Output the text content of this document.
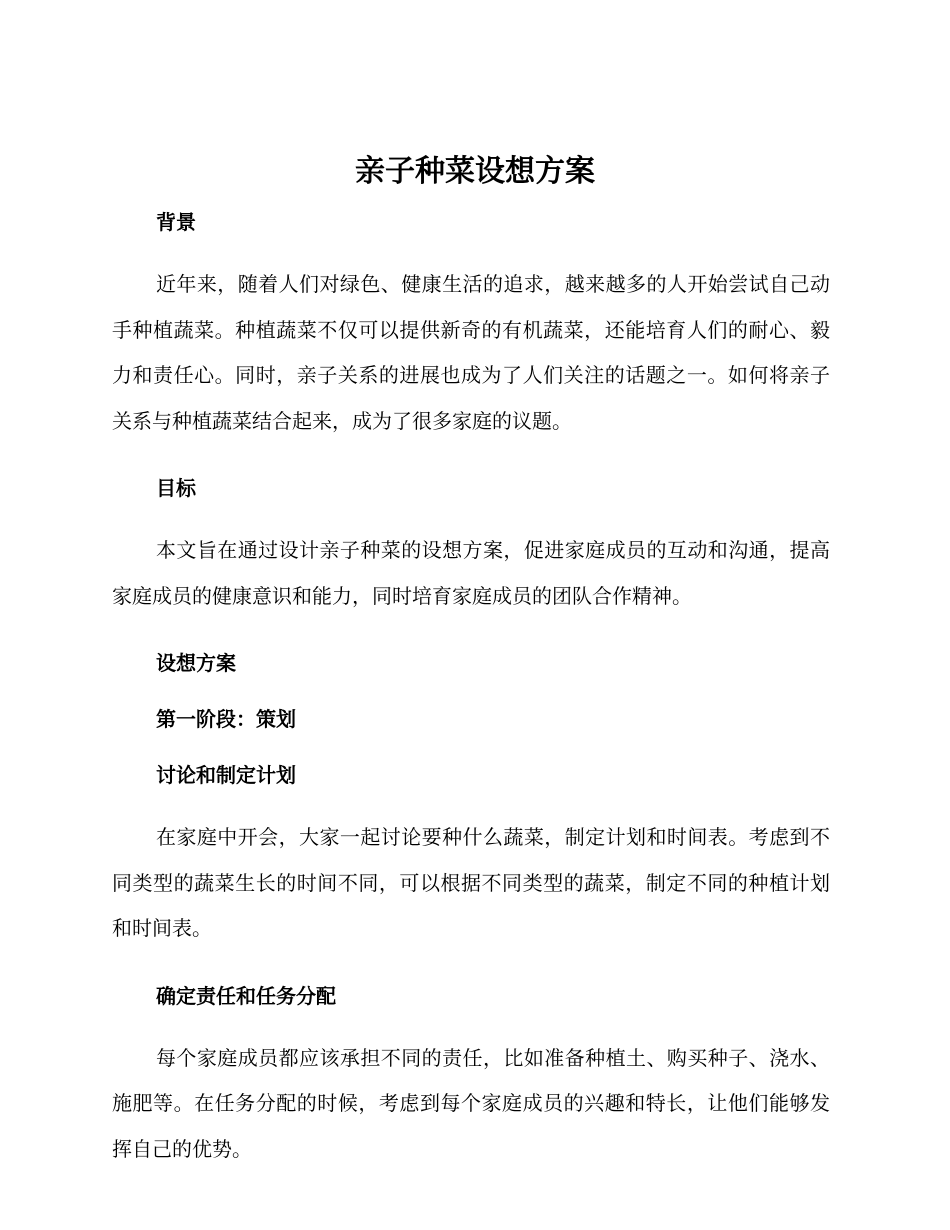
亲子种菜设想方案

背景

近年来，随着人们对绿色、健康生活的追求，越来越多的人开始尝试自己动手种植蔬菜。种植蔬菜不仅可以提供新奇的有机蔬菜，还能培育人们的耐心、毅力和责任心。同时，亲子关系的进展也成为了人们关注的话题之一。如何将亲子关系与种植蔬菜结合起来，成为了很多家庭的议题。

目标

本文旨在通过设计亲子种菜的设想方案，促进家庭成员的互动和沟通，提高家庭成员的健康意识和能力，同时培育家庭成员的团队合作精神。

设想方案

第一阶段：策划

讨论和制定计划

在家庭中开会，大家一起讨论要种什么蔬菜，制定计划和时间表。考虑到不同类型的蔬菜生长的时间不同，可以根据不同类型的蔬菜，制定不同的种植计划和时间表。

确定责任和任务分配

每个家庭成员都应该承担不同的责任，比如准备种植土、购买种子、浇水、施肥等。在任务分配的时候，考虑到每个家庭成员的兴趣和特长，让他们能够发挥自己的优势。
